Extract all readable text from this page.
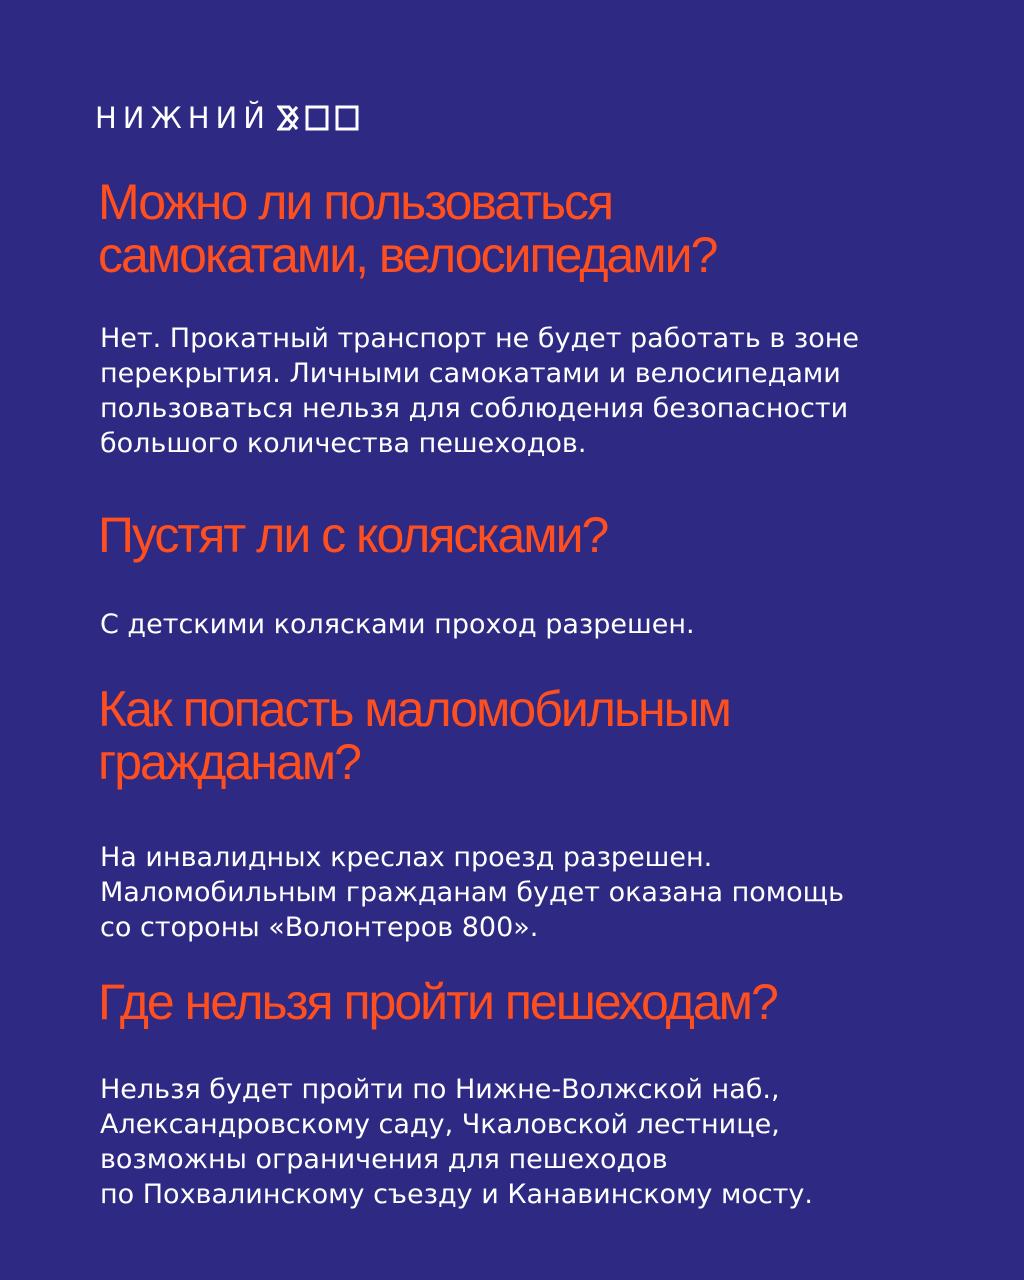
НИЖНИЙ
Можно ли пользоваться
самокатами, велосипедами?

Нет. Прокатный транспорт не будет работать в зоне
перекрытия. Личными самокатами и велосипедами
пользоваться нельзя для соблюдения безопасности
большого количества пешеходов.

Пустят ли с колясками?

С детскими колясками проход разрешен.

Как попасть маломобильным
гражданам?

На инвалидных креслах проезд разрешен.
Маломобильным гражданам будет оказана помощь
со стороны «Волонтеров 800».

Где нельзя пройти пешеходам?

Нельзя будет пройти по Нижне-Волжской наб.,
Александровскому саду, Чкаловской лестнице,
возможны ограничения для пешеходов
по Похвалинскому съезду и Канавинскому мосту.
